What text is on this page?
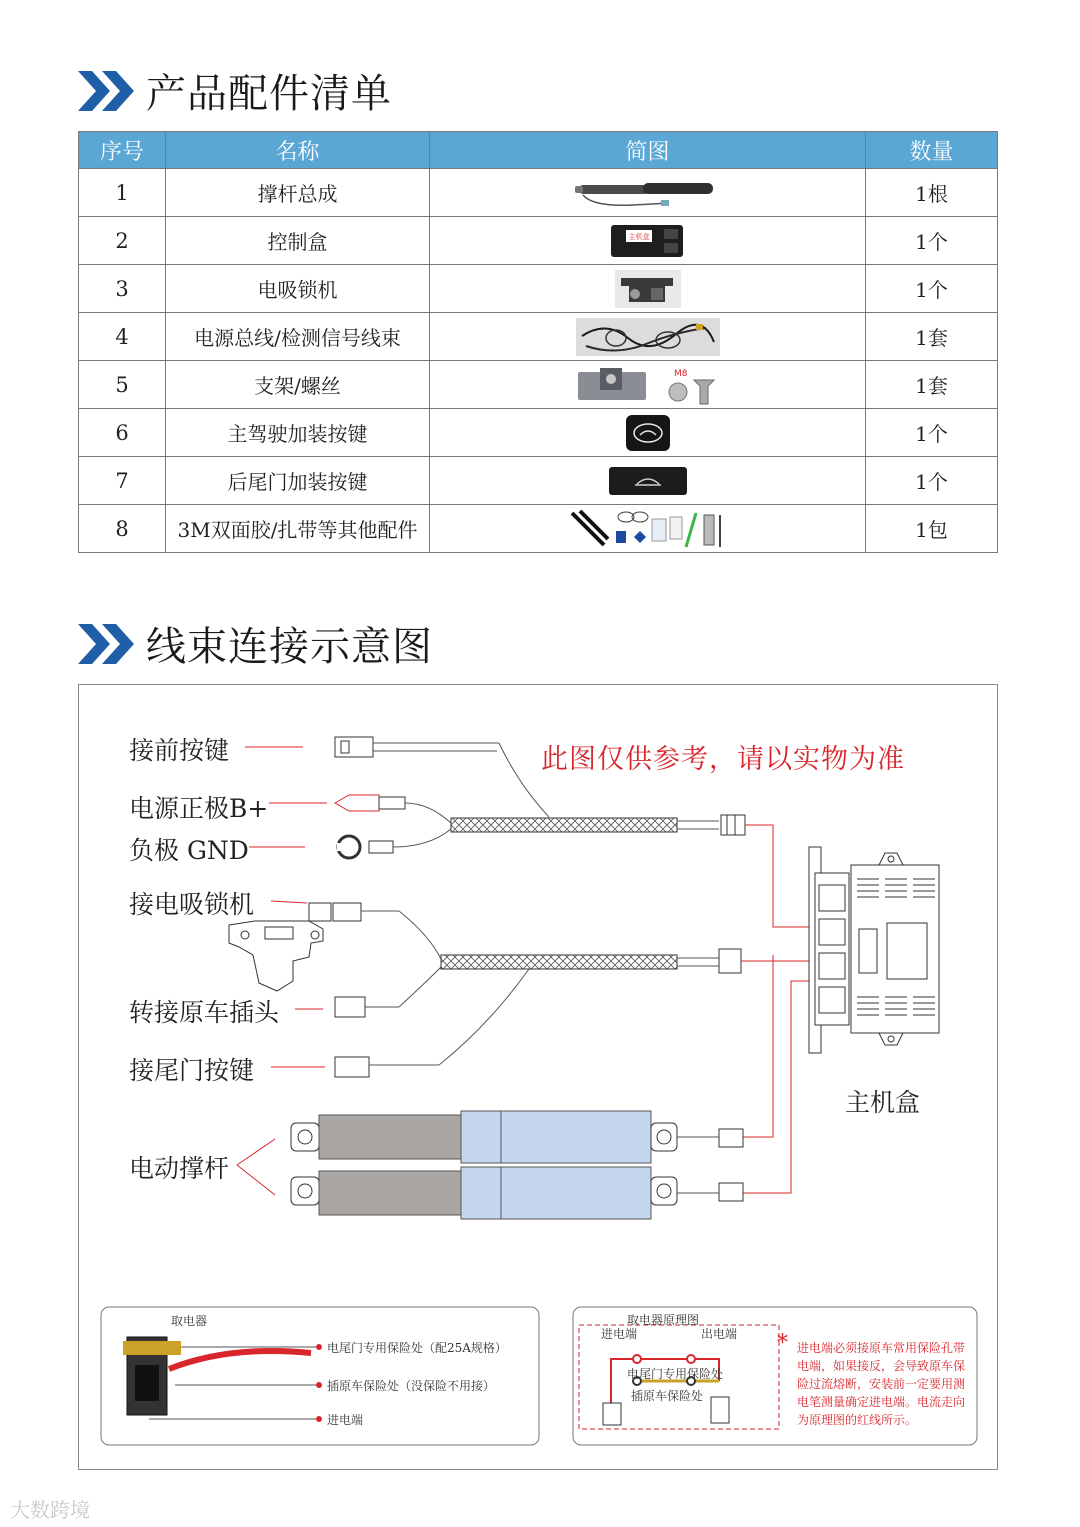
产品配件清单
序号	名称	简图	数量
1	撑杆总成		1根
2	控制盒	主机盒	1个
3	电吸锁机		1个
4	电源总线/检测信号线束		1套
5	支架/螺丝	M8	1套
6	主驾驶加装按键		1个
7	后尾门加装按键		1个
8	3M双面胶/扎带等其他配件		1包
线束连接示意图
此图仅供参考，请以实物为准
接前按键
电源正极B+
负极 GND
接电吸锁机
转接原车插头
接尾门按键
电动撑杆
主机盒
取电器
电尾门专用保险处（配25A规格）
插原车保险处（没保险不用接）
进电端
取电器原理图
进电端	出电端
电尾门专用保险处
插原车保险处
* 进电端必须接原车常用保险孔带电端，如果接反，会导致原车保险过流熔断，安装前一定要用测电笔测量确定进电端。电流走向为原理图的红线所示。
大数跨境
